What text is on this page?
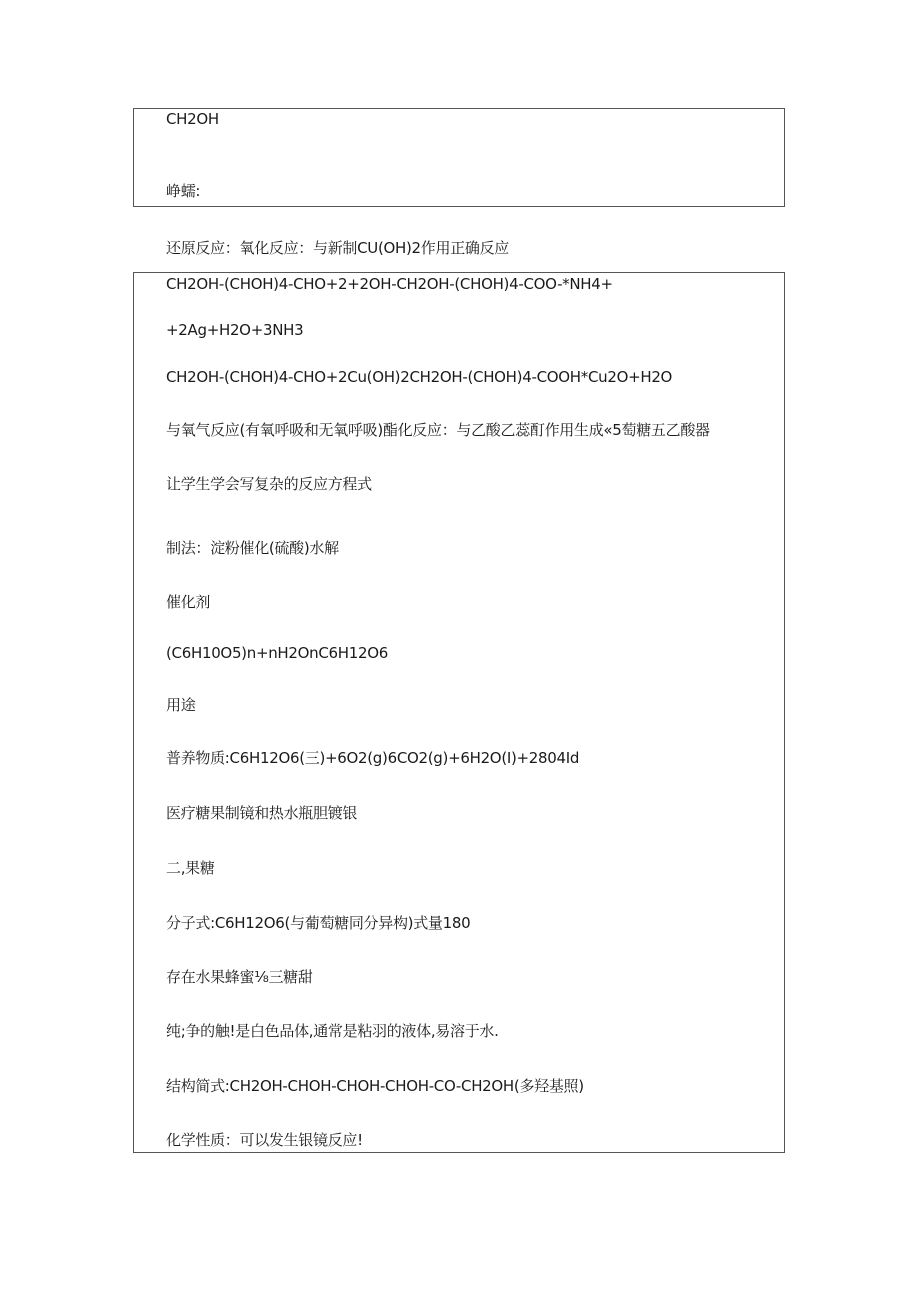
CH2OH
峥蠕:
还原反应：氧化反应：与新制CU(OH)2作用正确反应
CH2OH-(CHOH)4-CHO+2+2OH-CH2OH-(CHOH)4-COO-*NH4+
+2Ag+H2O+3NH3
CH2OH-(CHOH)4-CHO+2Cu(OH)2CH2OH-(CHOH)4-COOH*Cu2O+H2O
与氧气反应(有氧呼吸和无氧呼吸)酯化反应：与乙酸乙蕊酊作用生成«5萄糖五乙酸器
让学生学会写复杂的反应方程式
制法：淀粉催化(硫酸)水解
催化剂
(C6H10O5)n+nH2OnC6H12O6
用途
普养物质:C6H12O6(三)+6O2(g)6CO2(g)+6H2O(I)+2804Id
医疗糖果制镜和热水瓶胆镀银
二,果糖
分子式:C6H12O6(与葡萄糖同分异构)式量180
存在水果蜂蜜⅛三糖甜
纯;争的触!是白色品体,通常是粘羽的液体,易溶于水.
结构简式:CH2OH-CHOH-CHOH-CHOH-CO-CH2OH(多羟基照)
化学性质：可以发生银镜反应!
